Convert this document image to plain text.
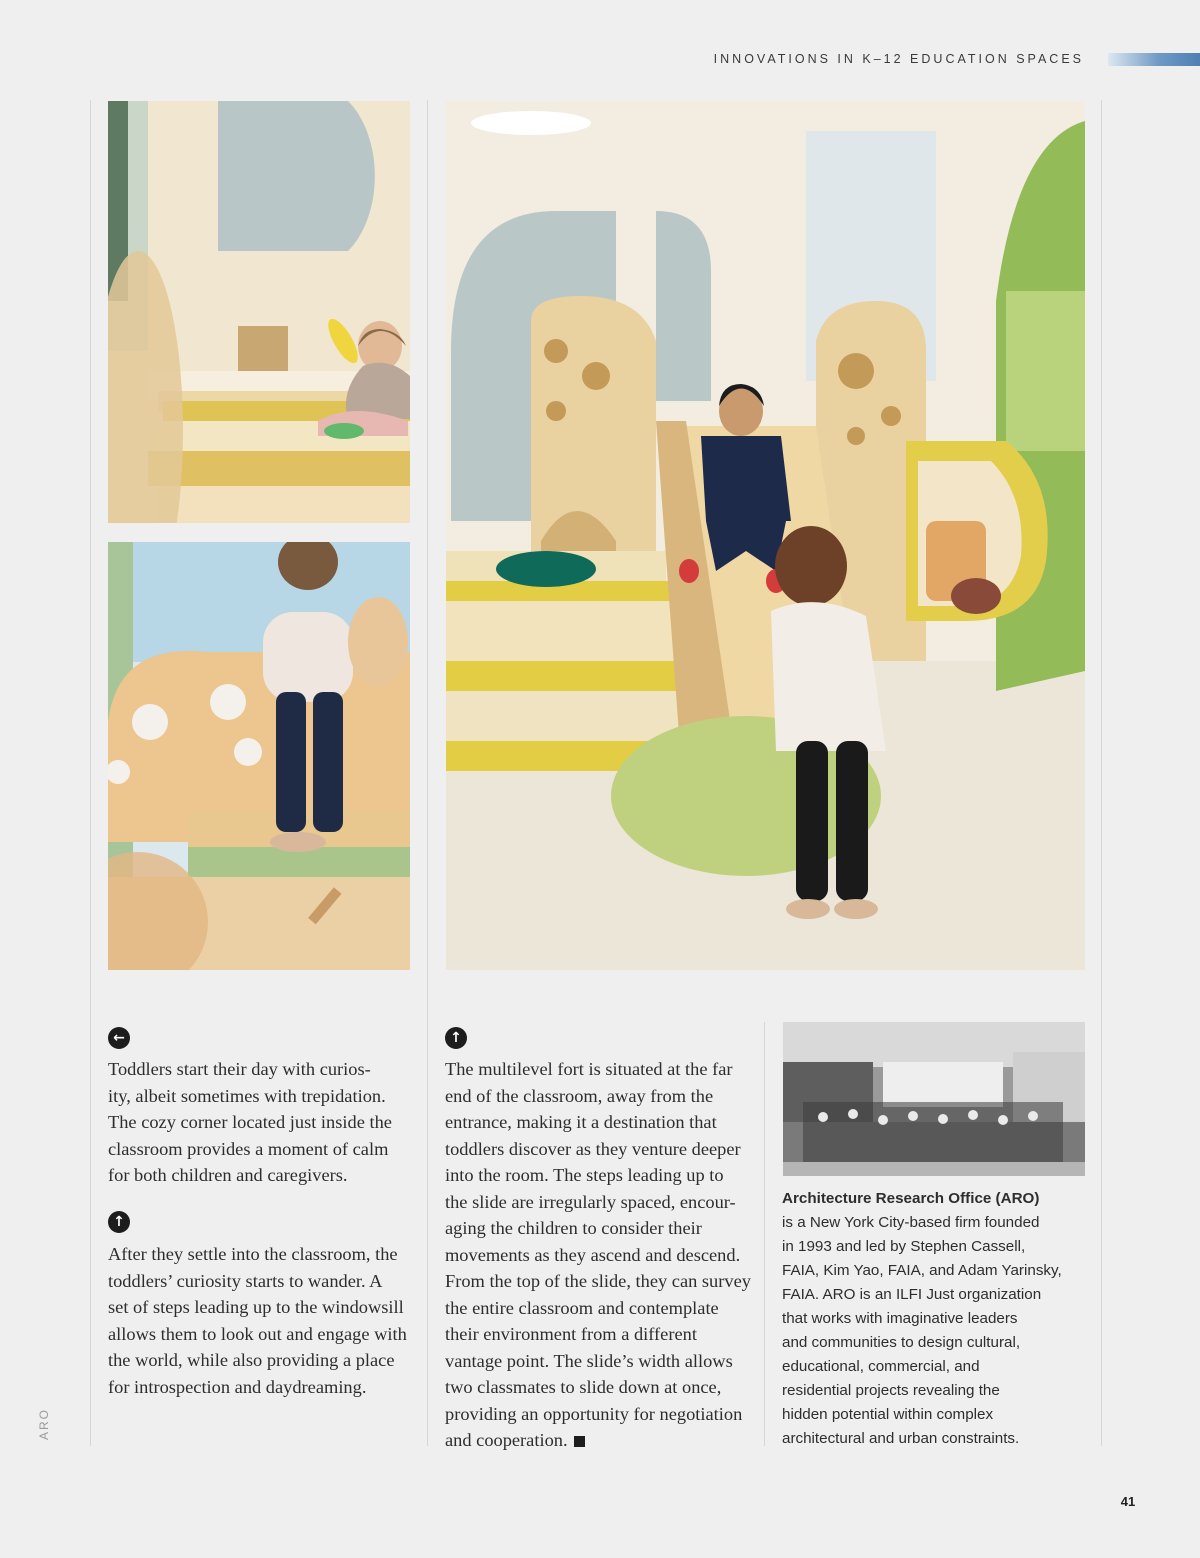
INNOVATIONS IN K–12 EDUCATION SPACES
←
Toddlers start their day with curios-
ity, albeit sometimes with trepidation.
The cozy corner located just inside the
classroom provides a moment of calm
for both children and caregivers.
↑
After they settle into the classroom, the
toddlers’ curiosity starts to wander. A
set of steps leading up to the windowsill
allows them to look out and engage with
the world, while also providing a place
for introspection and daydreaming.
↑
The multilevel fort is situated at the far
end of the classroom, away from the
entrance, making it a destination that
toddlers discover as they venture deeper
into the room. The steps leading up to
the slide are irregularly spaced, encour-
aging the children to consider their
movements as they ascend and descend.
From the top of the slide, they can survey
the entire classroom and contemplate
their environment from a different
vantage point. The slide’s width allows
two classmates to slide down at once,
providing an opportunity for negotiation
and cooperation.
Architecture Research Office (ARO)
is a New York City-based firm founded
in 1993 and led by Stephen Cassell,
FAIA, Kim Yao, FAIA, and Adam Yarinsky,
FAIA. ARO is an ILFI Just organization
that works with imaginative leaders
and communities to design cultural,
educational, commercial, and
residential projects revealing the
hidden potential within complex
architectural and urban constraints.
ARO
41
